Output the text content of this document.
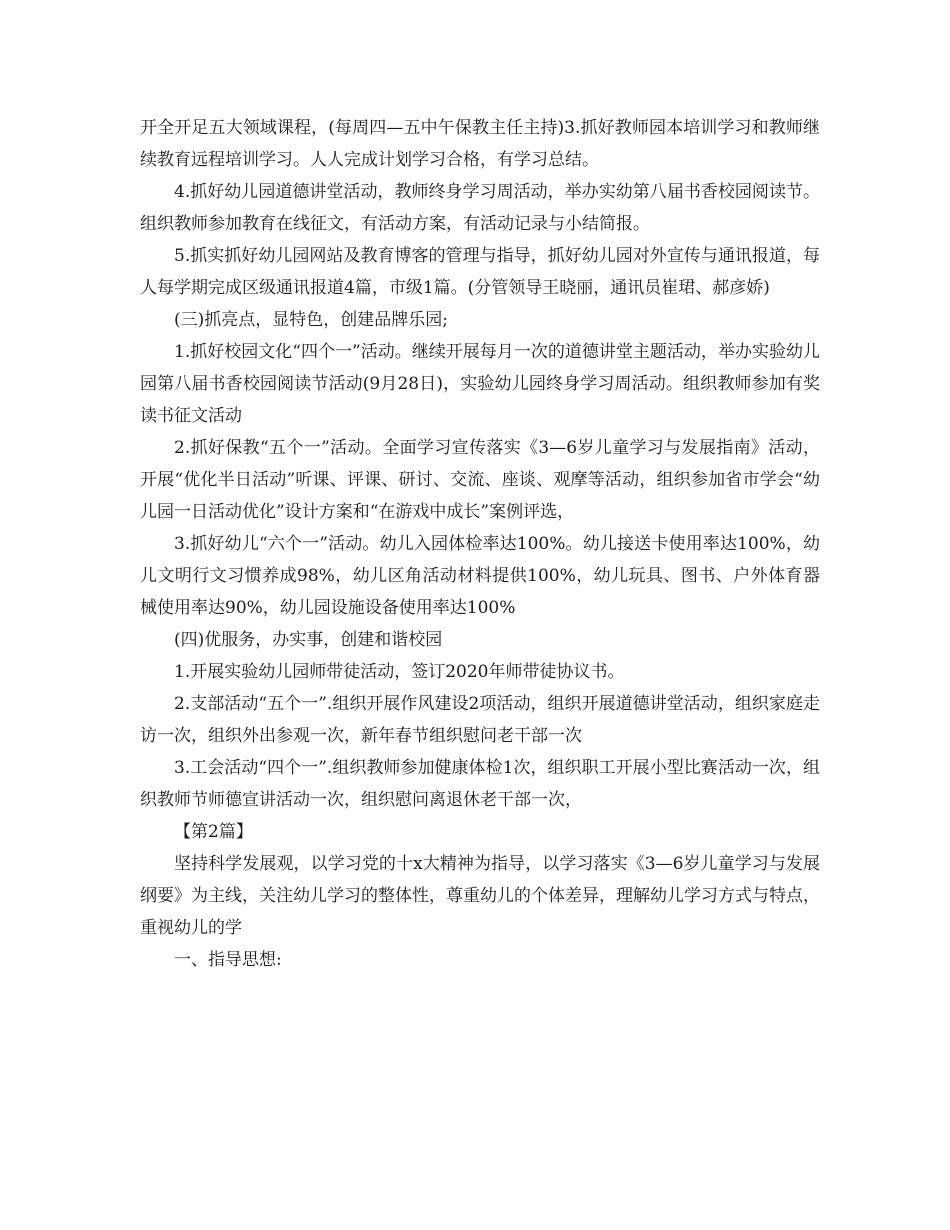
开全开足五大领域课程，(每周四—五中午保教主任主持)3.抓好教师园本培训学习和教师继续教育远程培训学习。人人完成计划学习合格，有学习总结。

4.抓好幼儿园道德讲堂活动，教师终身学习周活动，举办实幼第八届书香校园阅读节。组织教师参加教育在线征文，有活动方案，有活动记录与小结简报。

5.抓实抓好幼儿园网站及教育博客的管理与指导，抓好幼儿园对外宣传与通讯报道，每人每学期完成区级通讯报道4篇，市级1篇。(分管领导王晓丽，通讯员崔珺、郝彦娇)

(三)抓亮点，显特色，创建品牌乐园;

1.抓好校园文化“四个一”活动。继续开展每月一次的道德讲堂主题活动，举办实验幼儿园第八届书香校园阅读节活动(9月28日)，实验幼儿园终身学习周活动。组织教师参加有奖读书征文活动

2.抓好保教“五个一”活动。全面学习宣传落实《3—6岁儿童学习与发展指南》活动，开展“优化半日活动”听课、评课、研讨、交流、座谈、观摩等活动，组织参加省市学会“幼儿园一日活动优化”设计方案和“在游戏中成长”案例评选，

3.抓好幼儿“六个一”活动。幼儿入园体检率达100%。幼儿接送卡使用率达100%，幼儿文明行文习惯养成98%，幼儿区角活动材料提供100%，幼儿玩具、图书、户外体育器械使用率达90%，幼儿园设施设备使用率达100%

(四)优服务，办实事，创建和谐校园

1.开展实验幼儿园师带徒活动，签订2020年师带徒协议书。

2.支部活动“五个一”.组织开展作风建设2项活动，组织开展道德讲堂活动，组织家庭走访一次，组织外出参观一次，新年春节组织慰问老干部一次

3.工会活动“四个一”.组织教师参加健康体检1次，组织职工开展小型比赛活动一次，组织教师节师德宣讲活动一次，组织慰问离退休老干部一次，

【第2篇】

坚持科学发展观，以学习党的十x大精神为指导，以学习落实《3—6岁儿童学习与发展纲要》为主线，关注幼儿学习的整体性，尊重幼儿的个体差异，理解幼儿学习方式与特点，重视幼儿的学

一、指导思想:
